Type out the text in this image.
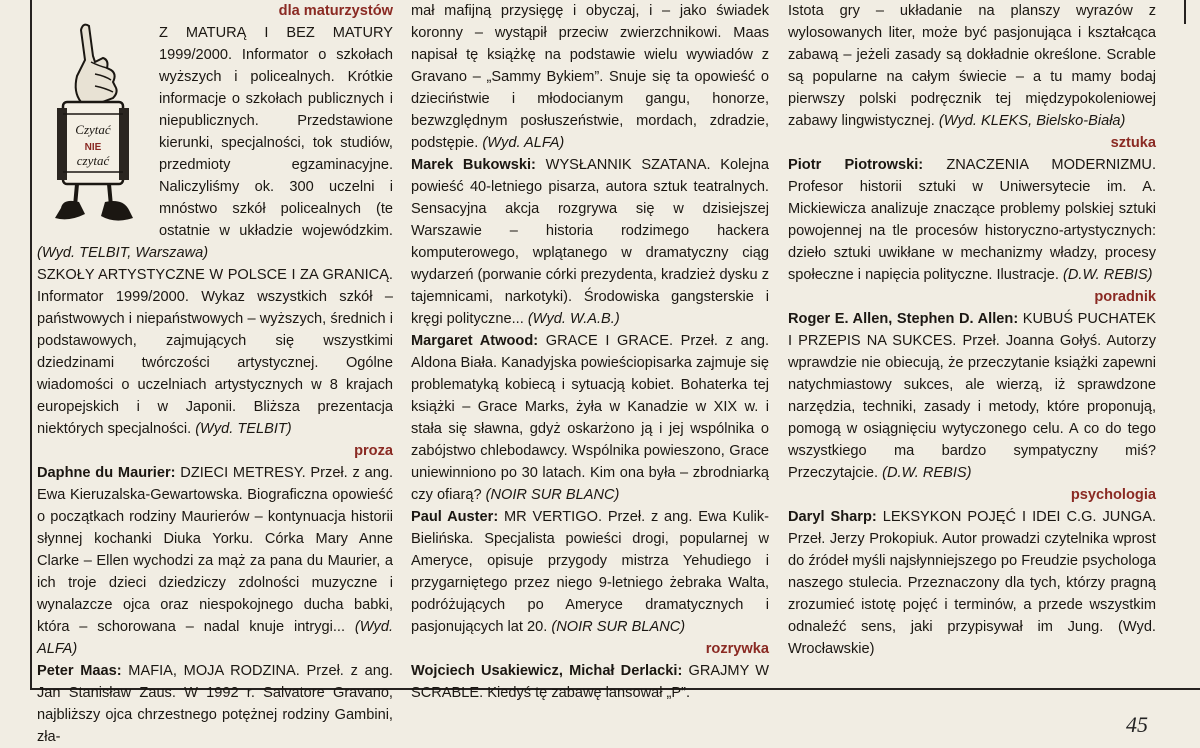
dla maturzystów

Czytać
NIE
czytać

Z MATURĄ I BEZ MATURY 1999/2000. Informator o szkołach wyższych i policealnych. Krótkie informacje o szkołach publicznych i niepublicznych. Przedstawione kierunki, specjalności, tok studiów, przedmioty egzaminacyjne. Naliczyliśmy ok. 300 uczelni i mnóstwo szkół policealnych (te ostatnie w układzie wojewódzkim. (Wyd. TELBIT, Warszawa)

SZKOŁY ARTYSTYCZNE W POLSCE I ZA GRANICĄ. Informator 1999/2000. Wykaz wszystkich szkół – państwowych i niepaństwowych – wyższych, średnich i podstawowych, zajmujących się wszystkimi dziedzinami twórczości artystycznej. Ogólne wiadomości o uczelniach artystycznych w 8 krajach europejskich i w Japonii. Bliższa prezentacja niektórych specjalności. (Wyd. TELBIT)

proza

Daphne du Maurier: DZIECI METRESY. Przeł. z ang. Ewa Kieruzalska-Gewartowska. Biograficzna opowieść o początkach rodziny Maurierów – kontynuacja historii słynnej kochanki Diuka Yorku. Córka Mary Anne Clarke – Ellen wychodzi za mąż za pana du Maurier, a ich troje dzieci dziedziczy zdolności muzyczne i wynalazcze ojca oraz niespokojnego ducha babki, która – schorowana – nadal knuje intrygi... (Wyd. ALFA)

Peter Maas: MAFIA, MOJA RODZINA. Przeł. z ang. Jan Stanisław Zaus. W 1992 r. Salvatore Gravano, najbliższy ojca chrzestnego potężnej rodziny Gambini, zła-

mał mafijną przysięgę i obyczaj, i – jako świadek koronny – wystąpił przeciw zwierzchnikowi. Maas napisał tę książkę na podstawie wielu wywiadów z Gravano – „Sammy Bykiem”. Snuje się ta opowieść o dzieciństwie i młodocianym gangu, honorze, bezwzględnym posłuszeństwie, mordach, zdradzie, podstępie. (Wyd. ALFA)

Marek Bukowski: WYSŁANNIK SZATANA. Kolejna powieść 40-letniego pisarza, autora sztuk teatralnych. Sensacyjna akcja rozgrywa się w dzisiejszej Warszawie – historia rodzimego hackera komputerowego, wplątanego w dramatyczny ciąg wydarzeń (porwanie córki prezydenta, kradzież dysku z tajemnicami, narkotyki). Środowiska gangsterskie i kręgi polityczne... (Wyd. W.A.B.)

Margaret Atwood: GRACE I GRACE. Przeł. z ang. Aldona Biała. Kanadyjska powieściopisarka zajmuje się problematyką kobiecą i sytuacją kobiet. Bohaterka tej książki – Grace Marks, żyła w Kanadzie w XIX w. i stała się sławna, gdyż oskarżono ją i jej wspólnika o zabójstwo chlebodawcy. Wspólnika powieszono, Grace uniewinniono po 30 latach. Kim ona była – zbrodniarką czy ofiarą? (NOIR SUR BLANC)

Paul Auster: MR VERTIGO. Przeł. z ang. Ewa Kulik-Bielińska. Specjalista powieści drogi, popularnej w Ameryce, opisuje przygody mistrza Yehudiego i przygarniętego przez niego 9-letniego żebraka Walta, podróżujących po Ameryce dramatycznych i pasjonujących lat 20. (NOIR SUR BLANC)

rozrywka

Wojciech Usakiewicz, Michał Derlacki: GRAJMY W SCRABLE. Kiedyś tę zabawę lansował „P”.

Istota gry – układanie na planszy wyrazów z wylosowanych liter, może być pasjonująca i kształcąca zabawą – jeżeli zasady są dokładnie określone. Scrable są popularne na całym świecie – a tu mamy bodaj pierwszy polski podręcznik tej międzypokoleniowej zabawy lingwistycznej. (Wyd. KLEKS, Bielsko-Biała)

sztuka

Piotr Piotrowski: ZNACZENIA MODERNIZMU. Profesor historii sztuki w Uniwersytecie im. A. Mickiewicza analizuje znaczące problemy polskiej sztuki powojennej na tle procesów historyczno-artystycznych: dzieło sztuki uwikłane w mechanizmy władzy, procesy społeczne i napięcia polityczne. Ilustracje. (D.W. REBIS)

poradnik

Roger E. Allen, Stephen D. Allen: KUBUŚ PUCHATEK I PRZEPIS NA SUKCES. Przeł. Joanna Gołyś. Autorzy wprawdzie nie obiecują, że przeczytanie książki zapewni natychmiastowy sukces, ale wierzą, iż sprawdzone narzędzia, techniki, zasady i metody, które proponują, pomogą w osiągnięciu wytyczonego celu. A co do tego wszystkiego ma bardzo sympatyczny miś? Przeczytajcie. (D.W. REBIS)

psychologia

Daryl Sharp: LEKSYKON POJĘĆ I IDEI C.G. JUNGA. Przeł. Jerzy Prokopiuk. Autor prowadzi czytelnika wprost do źródeł myśli najsłynniejszego po Freudzie psychologa naszego stulecia. Przeznaczony dla tych, którzy pragną zrozumieć istotę pojęć i terminów, a przede wszystkim odnaleźć sens, jaki przypisywał im Jung. (Wyd. Wrocławskie)

45
